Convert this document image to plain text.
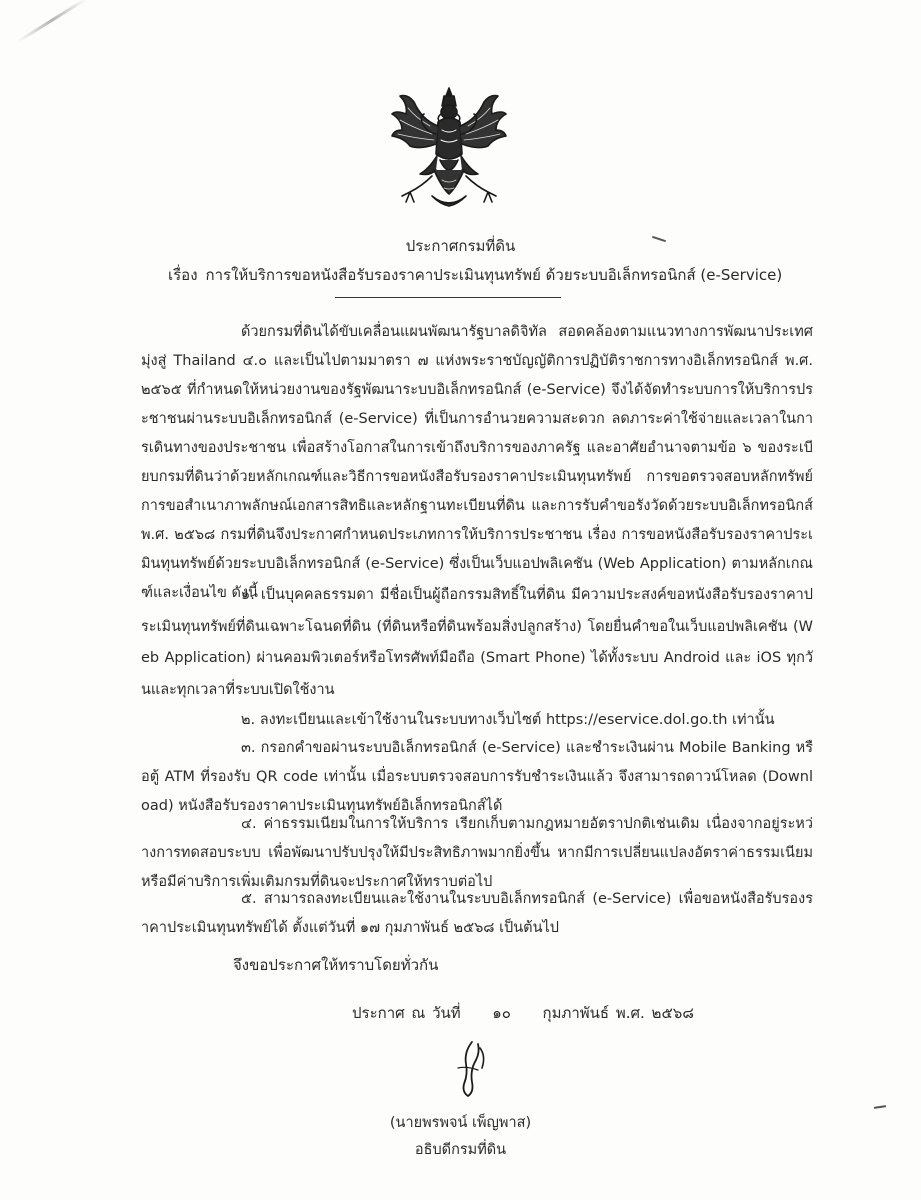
ประกาศกรมที่ดิน
เรื่อง การให้บริการขอหนังสือรับรองราคาประเมินทุนทรัพย์ ด้วยระบบอิเล็กทรอนิกส์ (e-Service)
ด้วยกรมที่ดินได้ขับเคลื่อนแผนพัฒนารัฐบาลดิจิทัล สอดคล้องตามแนวทางการพัฒนาประเทศมุ่งสู่ Thailand ๔.๐ และเป็นไปตามมาตรา ๗ แห่งพระราชบัญญัติการปฏิบัติราชการทางอิเล็กทรอนิกส์ พ.ศ. ๒๕๖๕ ที่กำหนดให้หน่วยงานของรัฐพัฒนาระบบอิเล็กทรอนิกส์ (e-Service) จึงได้จัดทำระบบการให้บริการประชาชนผ่านระบบอิเล็กทรอนิกส์ (e-Service) ที่เป็นการอำนวยความสะดวก ลดภาระค่าใช้จ่ายและเวลาในการเดินทางของประชาชน เพื่อสร้างโอกาสในการเข้าถึงบริการของภาครัฐ และอาศัยอำนาจตามข้อ ๖ ของระเบียบกรมที่ดินว่าด้วยหลักเกณฑ์และวิธีการขอหนังสือรับรองราคาประเมินทุนทรัพย์ การขอตรวจสอบหลักทรัพย์ การขอสำเนาภาพลักษณ์เอกสารสิทธิและหลักฐานทะเบียนที่ดิน และการรับคำขอรังวัดด้วยระบบอิเล็กทรอนิกส์ พ.ศ. ๒๕๖๘ กรมที่ดินจึงประกาศกำหนดประเภทการให้บริการประชาชน เรื่อง การขอหนังสือรับรองราคาประเมินทุนทรัพย์ด้วยระบบอิเล็กทรอนิกส์ (e-Service) ซึ่งเป็นเว็บแอปพลิเคชัน (Web Application) ตามหลักเกณฑ์และเงื่อนไข ดังนี้
๑. เป็นบุคคลธรรมดา มีชื่อเป็นผู้ถือกรรมสิทธิ์ในที่ดิน มีความประสงค์ขอหนังสือรับรองราคาประเมินทุนทรัพย์ที่ดินเฉพาะโฉนดที่ดิน (ที่ดินหรือที่ดินพร้อมสิ่งปลูกสร้าง) โดยยื่นคำขอในเว็บแอปพลิเคชัน (Web Application) ผ่านคอมพิวเตอร์หรือโทรศัพท์มือถือ (Smart Phone) ได้ทั้งระบบ Android และ iOS ทุกวันและทุกเวลาที่ระบบเปิดใช้งาน
๒. ลงทะเบียนและเข้าใช้งานในระบบทางเว็บไซต์ https://eservice.dol.go.th เท่านั้น
๓. กรอกคำขอผ่านระบบอิเล็กทรอนิกส์ (e-Service) และชำระเงินผ่าน Mobile Banking หรือตู้ ATM ที่รองรับ QR code เท่านั้น เมื่อระบบตรวจสอบการรับชำระเงินแล้ว จึงสามารถดาวน์โหลด (Download) หนังสือรับรองราคาประเมินทุนทรัพย์อิเล็กทรอนิกส์ได้
๔. ค่าธรรมเนียมในการให้บริการ เรียกเก็บตามกฎหมายอัตราปกติเช่นเดิม เนื่องจากอยู่ระหว่างการทดสอบระบบ เพื่อพัฒนาปรับปรุงให้มีประสิทธิภาพมากยิ่งขึ้น หากมีการเปลี่ยนแปลงอัตราค่าธรรมเนียมหรือมีค่าบริการเพิ่มเติมกรมที่ดินจะประกาศให้ทราบต่อไป
๕. สามารถลงทะเบียนและใช้งานในระบบอิเล็กทรอนิกส์ (e-Service) เพื่อขอหนังสือรับรองราคาประเมินทุนทรัพย์ได้ ตั้งแต่วันที่ ๑๗ กุมภาพันธ์ ๒๕๖๘ เป็นต้นไป
จึงขอประกาศให้ทราบโดยทั่วกัน
ประกาศ ณ วันที่ ๑๐ กุมภาพันธ์ พ.ศ. ๒๕๖๘
(นายพรพจน์ เพ็ญพาส)
อธิบดีกรมที่ดิน
